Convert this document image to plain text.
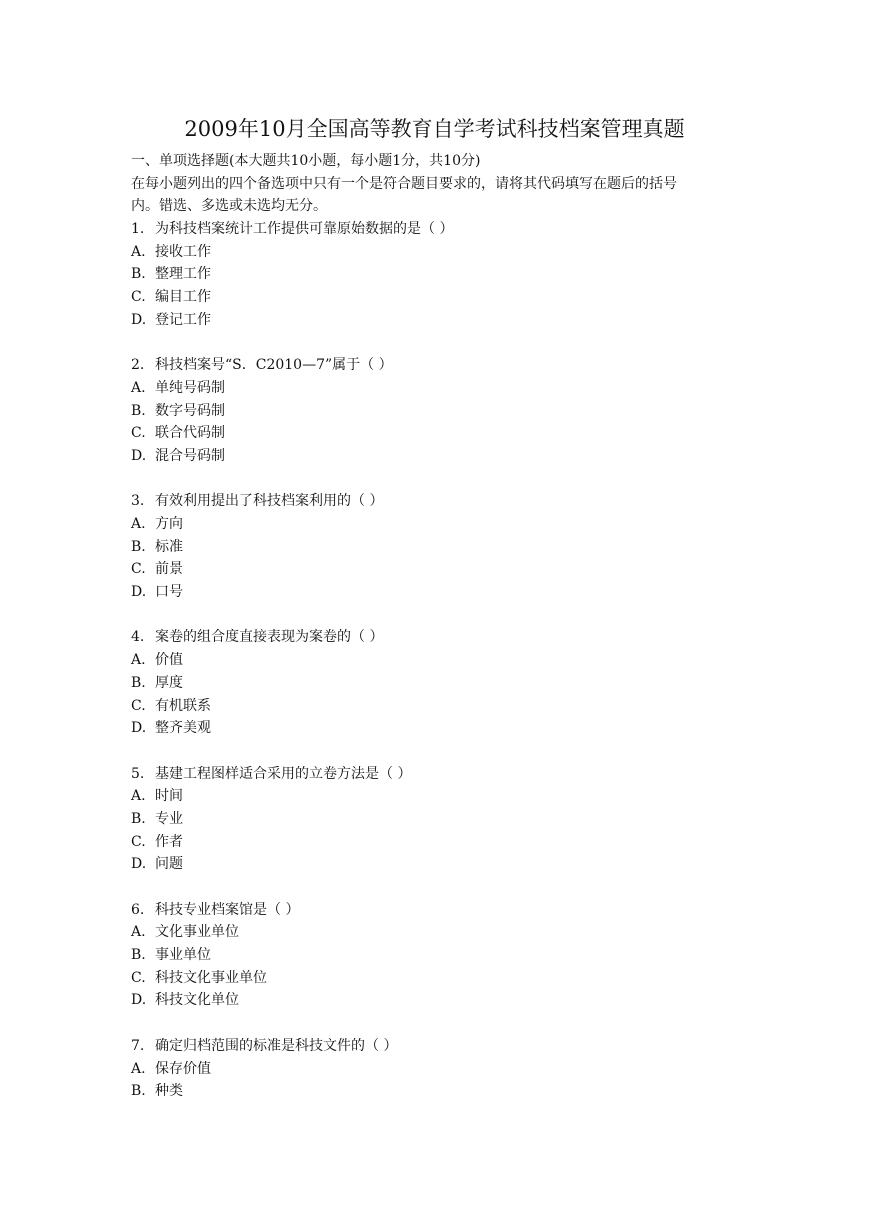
2009年10月全国高等教育自学考试科技档案管理真题
一、单项选择题(本大题共10小题，每小题1分，共10分)
在每小题列出的四个备选项中只有一个是符合题目要求的，请将其代码填写在题后的括号
内。错选、多选或未选均无分。
1. 为科技档案统计工作提供可靠原始数据的是（ ）
A. 接收工作
B. 整理工作
C. 编目工作
D. 登记工作
2. 科技档案号“S．C2010—7”属于（ ）
A. 单纯号码制
B. 数字号码制
C. 联合代码制
D. 混合号码制
3. 有效利用提出了科技档案利用的（ ）
A. 方向
B. 标准
C. 前景
D. 口号
4. 案卷的组合度直接表现为案卷的（ ）
A. 价值
B. 厚度
C. 有机联系
D. 整齐美观
5. 基建工程图样适合采用的立卷方法是（ ）
A. 时间
B. 专业
C. 作者
D. 问题
6. 科技专业档案馆是（ ）
A. 文化事业单位
B. 事业单位
C. 科技文化事业单位
D. 科技文化单位
7. 确定归档范围的标准是科技文件的（ ）
A. 保存价值
B. 种类
